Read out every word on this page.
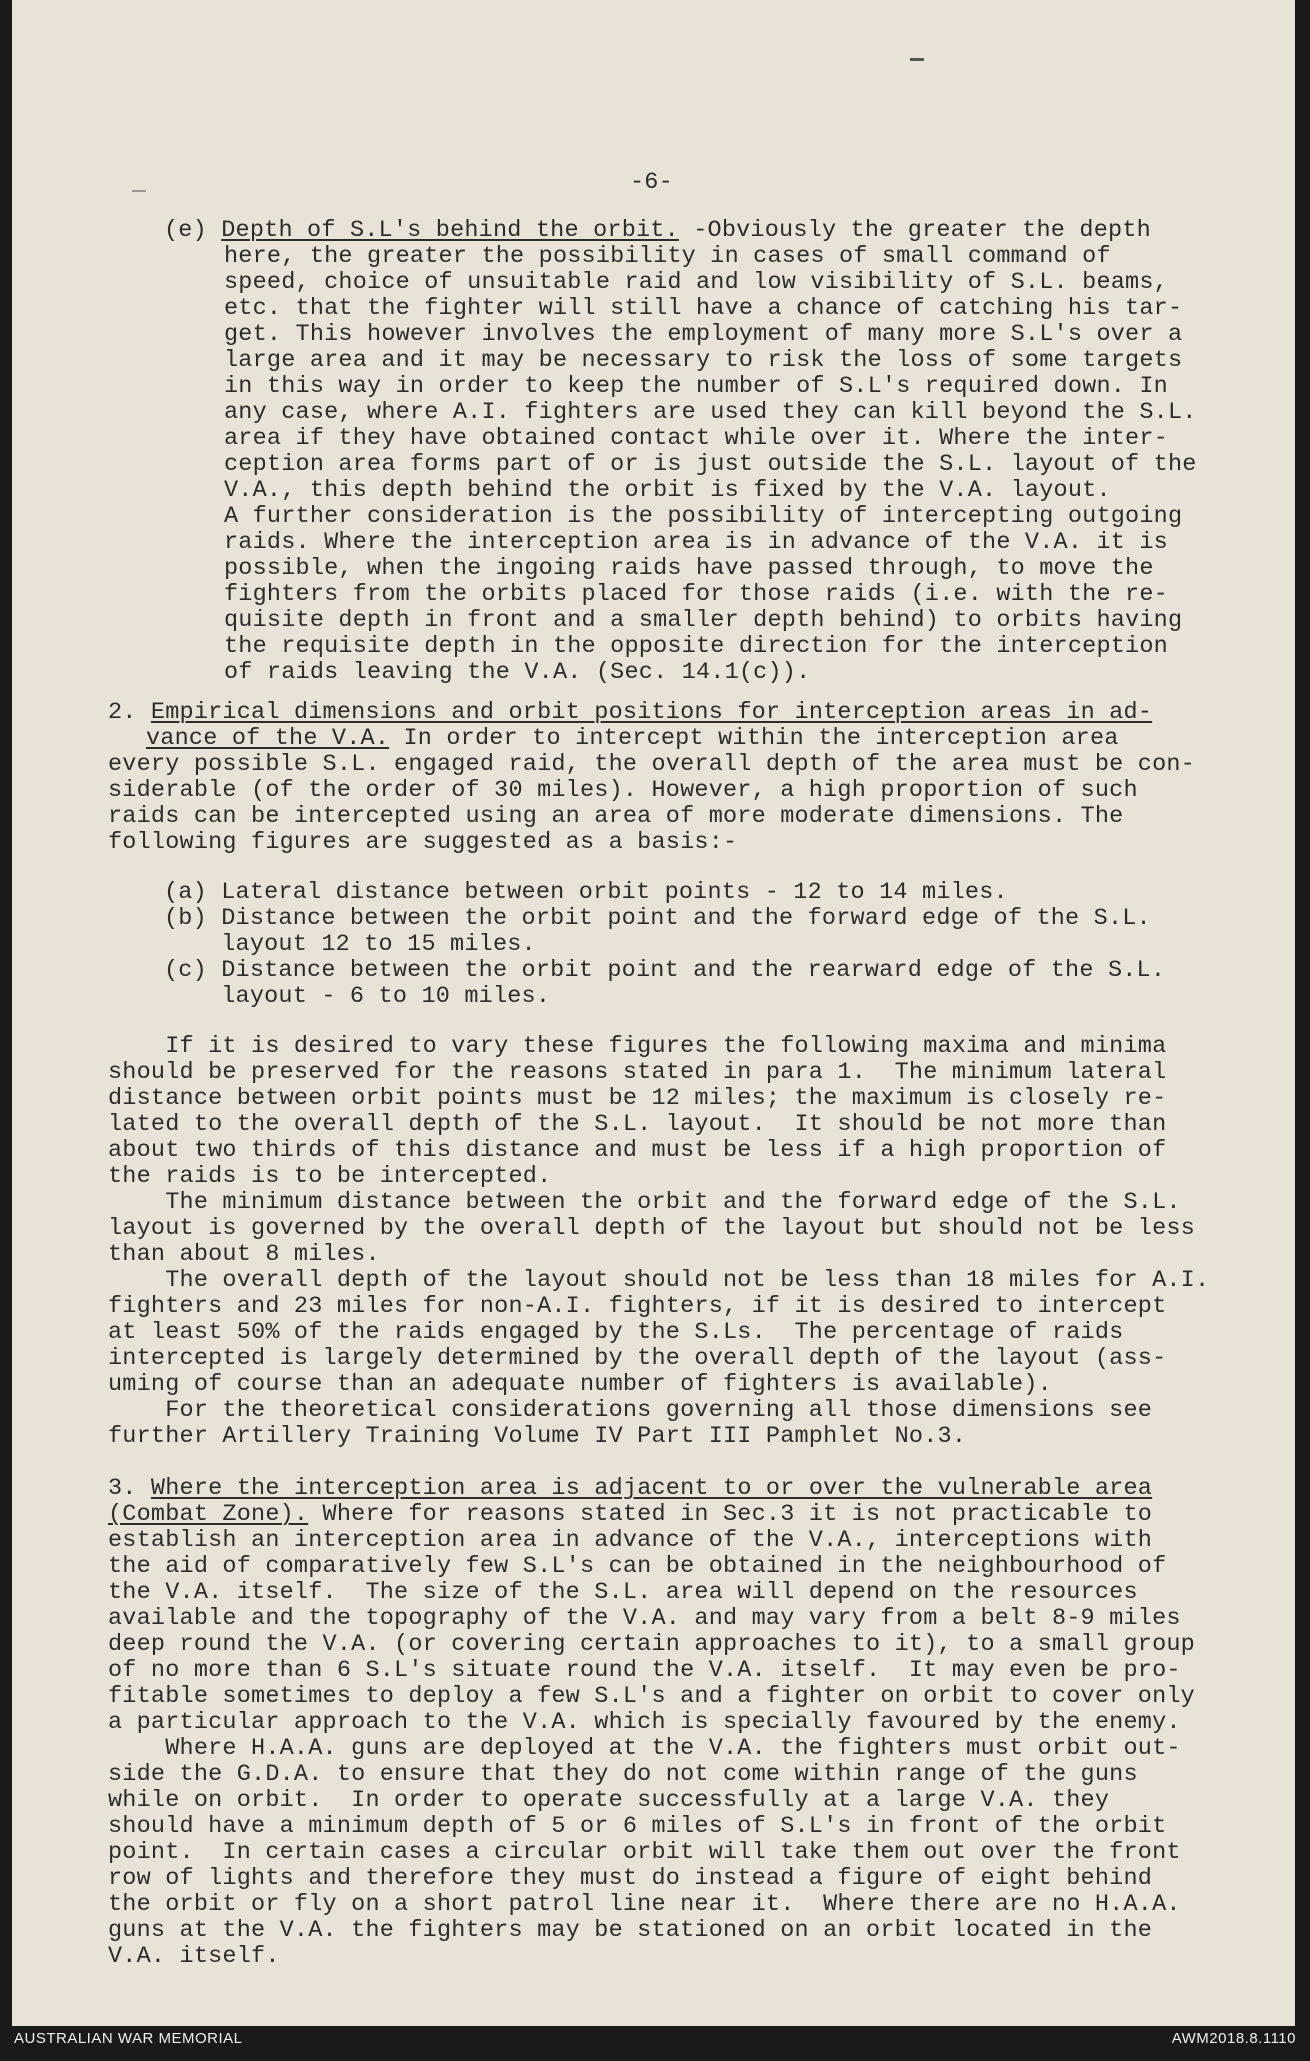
-6-
(e) Depth of S.L's behind the orbit. -Obviously the greater the depth
here, the greater the possibility in cases of small command of
speed, choice of unsuitable raid and low visibility of S.L. beams,
etc. that the fighter will still have a chance of catching his tar-
get. This however involves the employment of many more S.L's over a
large area and it may be necessary to risk the loss of some targets
in this way in order to keep the number of S.L's required down. In
any case, where A.I. fighters are used they can kill beyond the S.L.
area if they have obtained contact while over it. Where the inter-
ception area forms part of or is just outside the S.L. layout of the
V.A., this depth behind the orbit is fixed by the V.A. layout.
A further consideration is the possibility of intercepting outgoing
raids. Where the interception area is in advance of the V.A. it is
possible, when the ingoing raids have passed through, to move the
fighters from the orbits placed for those raids (i.e. with the re-
quisite depth in front and a smaller depth behind) to orbits having
the requisite depth in the opposite direction for the interception
of raids leaving the V.A. (Sec. 14.1(c)).
2. Empirical dimensions and orbit positions for interception areas in ad-
vance of the V.A. In order to intercept within the interception area
every possible S.L. engaged raid, the overall depth of the area must be con-
siderable (of the order of 30 miles). However, a high proportion of such
raids can be intercepted using an area of more moderate dimensions. The
following figures are suggested as a basis:-
(a) Lateral distance between orbit points - 12 to 14 miles.
(b) Distance between the orbit point and the forward edge of the S.L.
layout 12 to 15 miles.
(c) Distance between the orbit point and the rearward edge of the S.L.
layout - 6 to 10 miles.
If it is desired to vary these figures the following maxima and minima
should be preserved for the reasons stated in para 1.  The minimum lateral
distance between orbit points must be 12 miles; the maximum is closely re-
lated to the overall depth of the S.L. layout.  It should be not more than
about two thirds of this distance and must be less if a high proportion of
the raids is to be intercepted.
The minimum distance between the orbit and the forward edge of the S.L.
layout is governed by the overall depth of the layout but should not be less
than about 8 miles.
The overall depth of the layout should not be less than 18 miles for A.I.
fighters and 23 miles for non-A.I. fighters, if it is desired to intercept
at least 50% of the raids engaged by the S.Ls.  The percentage of raids
intercepted is largely determined by the overall depth of the layout (ass-
uming of course than an adequate number of fighters is available).
For the theoretical considerations governing all those dimensions see
further Artillery Training Volume IV Part III Pamphlet No.3.
3. Where the interception area is adjacent to or over the vulnerable area
(Combat Zone). Where for reasons stated in Sec.3 it is not practicable to
establish an interception area in advance of the V.A., interceptions with
the aid of comparatively few S.L's can be obtained in the neighbourhood of
the V.A. itself.  The size of the S.L. area will depend on the resources
available and the topography of the V.A. and may vary from a belt 8-9 miles
deep round the V.A. (or covering certain approaches to it), to a small group
of no more than 6 S.L's situate round the V.A. itself.  It may even be pro-
fitable sometimes to deploy a few S.L's and a fighter on orbit to cover only
a particular approach to the V.A. which is specially favoured by the enemy.
Where H.A.A. guns are deployed at the V.A. the fighters must orbit out-
side the G.D.A. to ensure that they do not come within range of the guns
while on orbit.  In order to operate successfully at a large V.A. they
should have a minimum depth of 5 or 6 miles of S.L's in front of the orbit
point.  In certain cases a circular orbit will take them out over the front
row of lights and therefore they must do instead a figure of eight behind
the orbit or fly on a short patrol line near it.  Where there are no H.A.A.
guns at the V.A. the fighters may be stationed on an orbit located in the
V.A. itself.
AUSTRALIAN WAR MEMORIAL	AWM2018.8.1110
